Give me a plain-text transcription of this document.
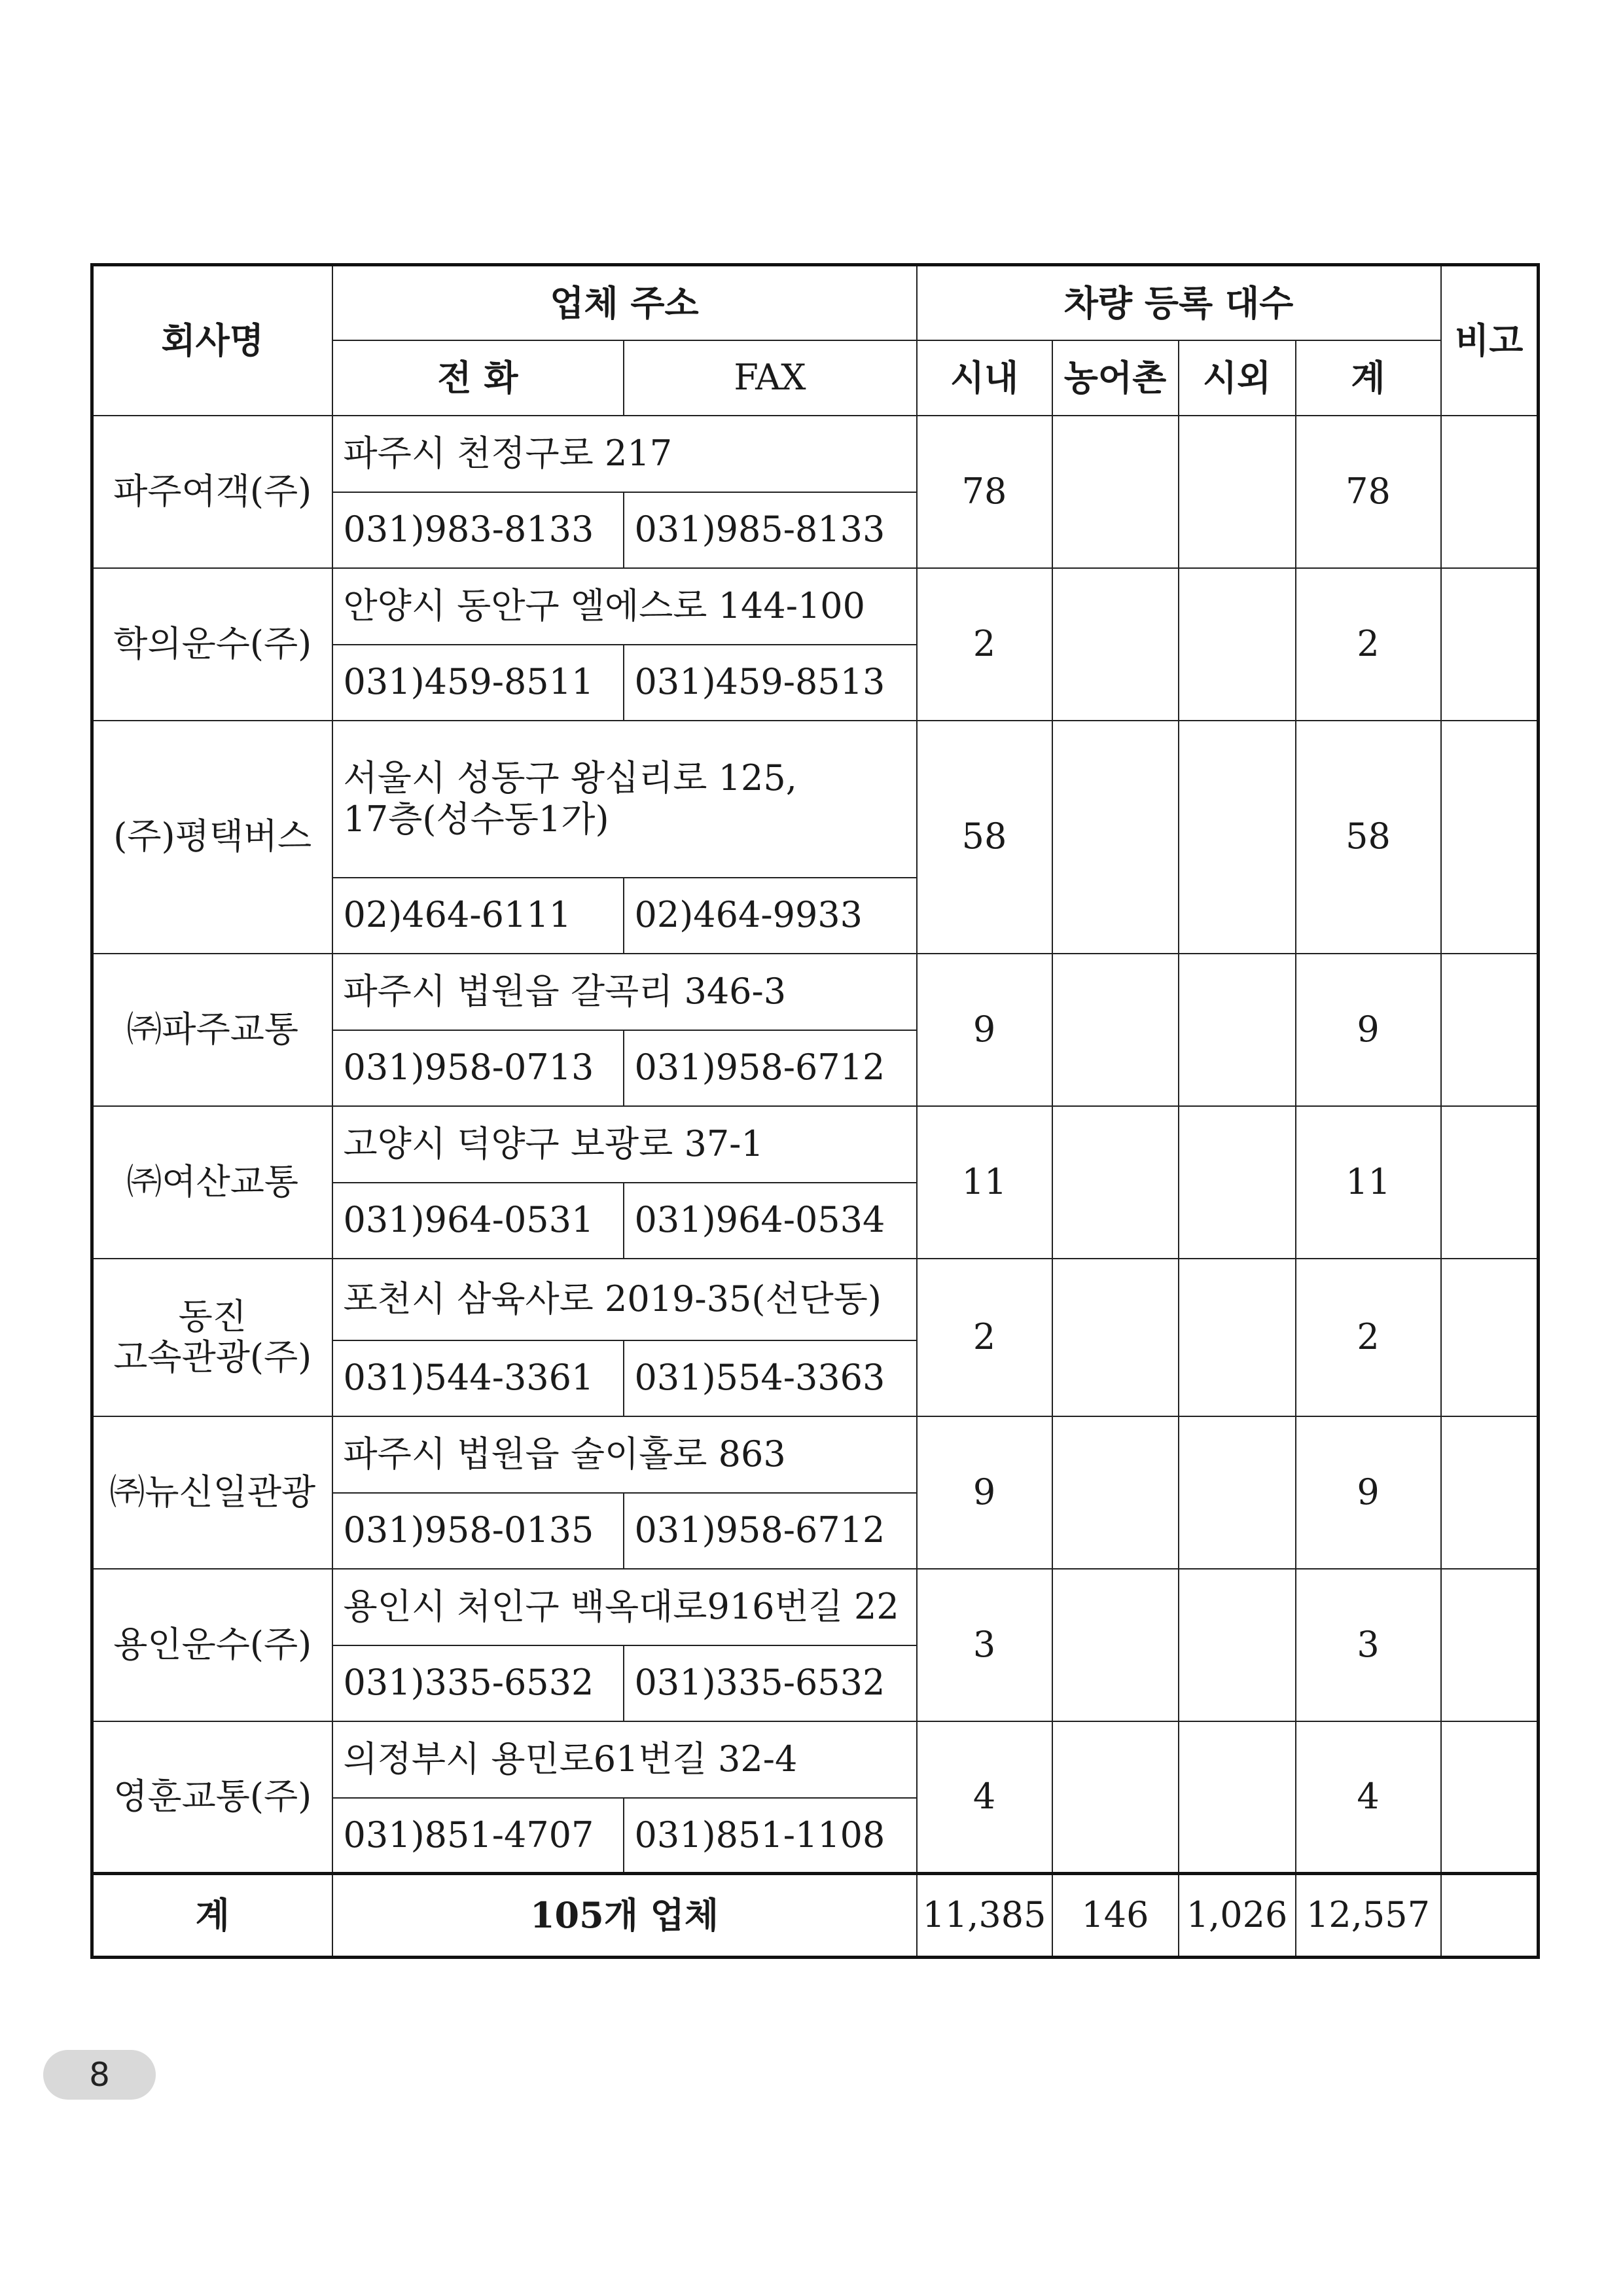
회사명	업체 주소		차량 등록 대수				비고
	전 화	FAX	시내	농어촌	시외	계	
파주여객(주)	파주시 천정구로 217		78			78	
	031)983-8133	031)985-8133					
학의운수(주)	안양시 동안구 엘에스로 144-100		2			2	
	031)459-8511	031)459-8513					
(주)평택버스	서울시 성동구 왕십리로 125,
17층(성수동1가)		58			58	
	02)464-6111	02)464-9933					
㈜파주교통	파주시 법원읍 갈곡리 346-3		9			9	
	031)958-0713	031)958-6712					
㈜여산교통	고양시 덕양구 보광로 37-1		11			11	
	031)964-0531	031)964-0534					
동진
고속관광(주)	포천시 삼육사로 2019-35(선단동)		2			2	
	031)544-3361	031)554-3363					
㈜뉴신일관광	파주시 법원읍 술이홀로 863		9			9	
	031)958-0135	031)958-6712					
용인운수(주)	용인시 처인구 백옥대로916번길 22		3			3	
	031)335-6532	031)335-6532					
영훈교통(주)	의정부시 용민로61번길 32-4		4			4	
	031)851-4707	031)851-1108					
계	105개 업체		11,385	146	1,026	12,557	
8
